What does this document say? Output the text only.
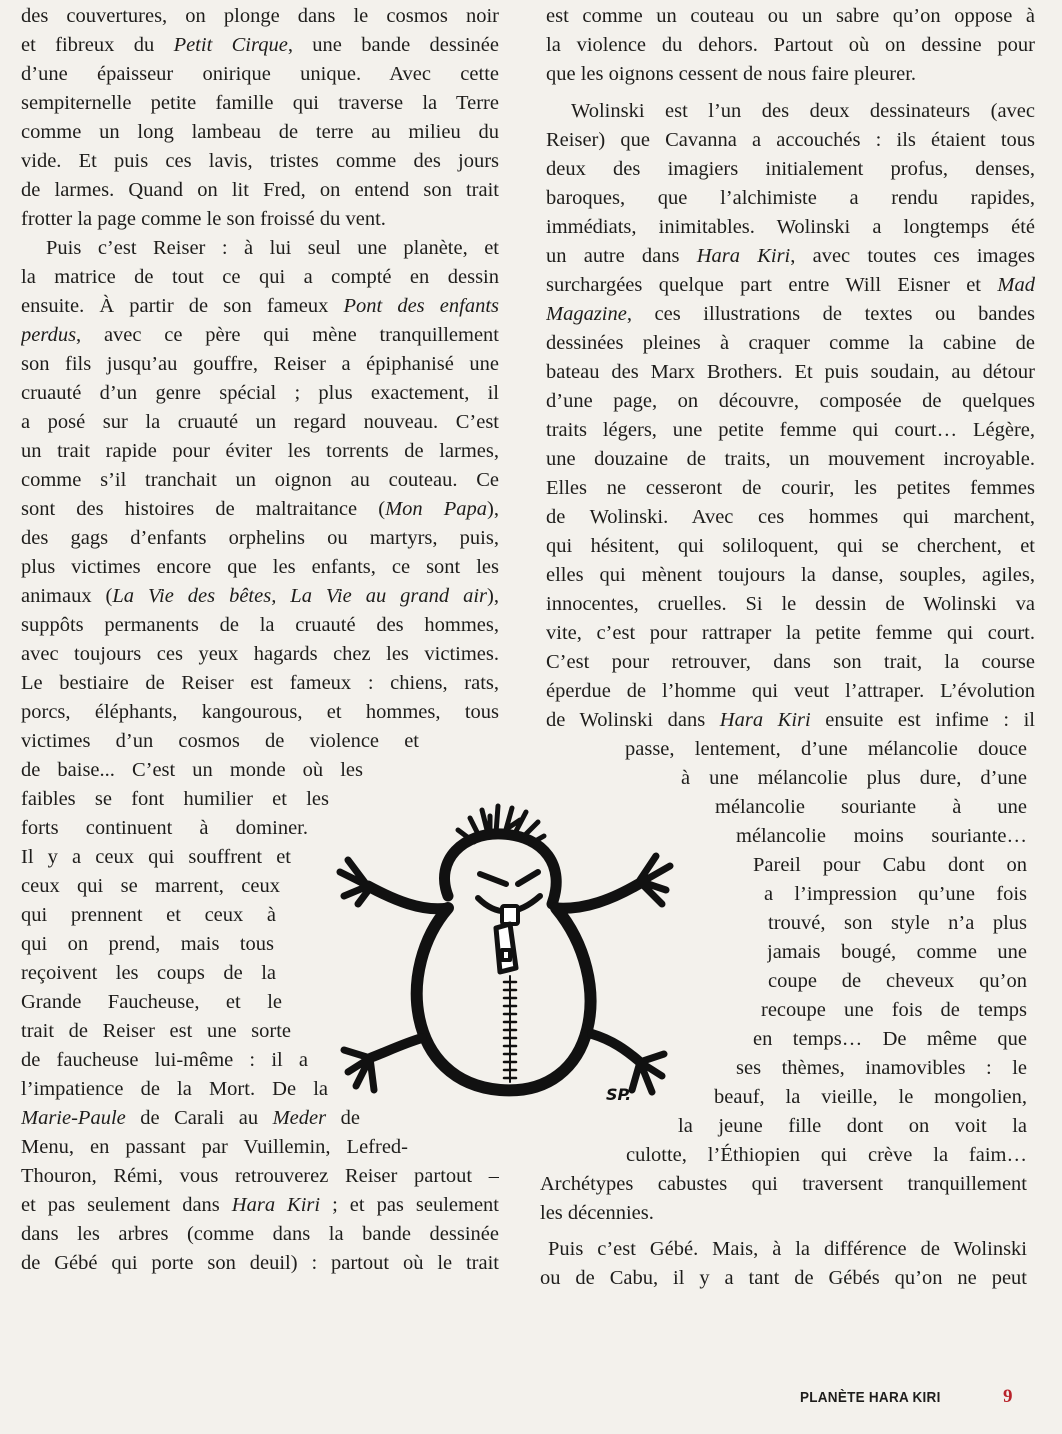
des couvertures, on plonge dans le cosmos noir
et fibreux du Petit Cirque, une bande dessinée
d’une épaisseur onirique unique. Avec cette
sempiternelle petite famille qui traverse la Terre
comme un long lambeau de terre au milieu du
vide. Et puis ces lavis, tristes comme des jours
de larmes. Quand on lit Fred, on entend son trait
frotter la page comme le son froissé du vent.
Puis c’est Reiser : à lui seul une planète, et
la matrice de tout ce qui a compté en dessin
ensuite. À partir de son fameux Pont des enfants
perdus, avec ce père qui mène tranquillement
son fils jusqu’au gouffre, Reiser a épiphanisé une
cruauté d’un genre spécial ; plus exactement, il
a posé sur la cruauté un regard nouveau. C’est
un trait rapide pour éviter les torrents de larmes,
comme s’il tranchait un oignon au couteau. Ce
sont des histoires de maltraitance (Mon Papa),
des gags d’enfants orphelins ou martyrs, puis,
plus victimes encore que les enfants, ce sont les
animaux (La Vie des bêtes, La Vie au grand air),
suppôts permanents de la cruauté des hommes,
avec toujours ces yeux hagards chez les victimes.
Le bestiaire de Reiser est fameux : chiens, rats,
porcs, éléphants, kangourous, et hommes, tous
victimes d’un cosmos de violence et
de baise... C’est un monde où les
faibles se font humilier et les
forts continuent à dominer.
Il y a ceux qui souffrent et
ceux qui se marrent, ceux
qui prennent et ceux à
qui on prend, mais tous
reçoivent les coups de la
Grande Faucheuse, et le
trait de Reiser est une sorte
de faucheuse lui-même : il a
l’impatience de la Mort. De la
Marie-Paule de Carali au Meder de
Menu, en passant par Vuillemin, Lefred-
Thouron, Rémi, vous retrouverez Reiser partout –
et pas seulement dans Hara Kiri ; et pas seulement
dans les arbres (comme dans la bande dessinée
de Gébé qui porte son deuil) : partout où le trait
est comme un couteau ou un sabre qu’on oppose à
la violence du dehors. Partout où on dessine pour
que les oignons cessent de nous faire pleurer.
Wolinski est l’un des deux dessinateurs (avec
Reiser) que Cavanna a accouchés : ils étaient tous
deux des imagiers initialement profus, denses,
baroques, que l’alchimiste a rendu rapides,
immédiats, inimitables. Wolinski a longtemps été
un autre dans Hara Kiri, avec toutes ces images
surchargées quelque part entre Will Eisner et Mad
Magazine, ces illustrations de textes ou bandes
dessinées pleines à craquer comme la cabine de
bateau des Marx Brothers. Et puis soudain, au détour
d’une page, on découvre, composée de quelques
traits légers, une petite femme qui court… Légère,
une douzaine de traits, un mouvement incroyable.
Elles ne cesseront de courir, les petites femmes
de Wolinski. Avec ces hommes qui marchent,
qui hésitent, qui soliloquent, qui se cherchent, et
elles qui mènent toujours la danse, souples, agiles,
innocentes, cruelles. Si le dessin de Wolinski va
vite, c’est pour rattraper la petite femme qui court.
C’est pour retrouver, dans son trait, la course
éperdue de l’homme qui veut l’attraper. L’évolution
de Wolinski dans Hara Kiri ensuite est infime : il
passe, lentement, d’une mélancolie douce
à une mélancolie plus dure, d’une
mélancolie souriante à une
mélancolie moins souriante…
Pareil pour Cabu dont on
a l’impression qu’une fois
trouvé, son style n’a plus
jamais bougé, comme une
coupe de cheveux qu’on
recoupe une fois de temps
en temps… De même que
ses thèmes, inamovibles : le
beauf, la vieille, le mongolien,
la jeune fille dont on voit la
culotte, l’Éthiopien qui crève la faim…
Archétypes cabustes qui traversent tranquillement
les décennies.
Puis c’est Gébé. Mais, à la différence de Wolinski
ou de Cabu, il y a tant de Gébés qu’on ne peut
SP.
PLANÈTE HARA KIRI	9
